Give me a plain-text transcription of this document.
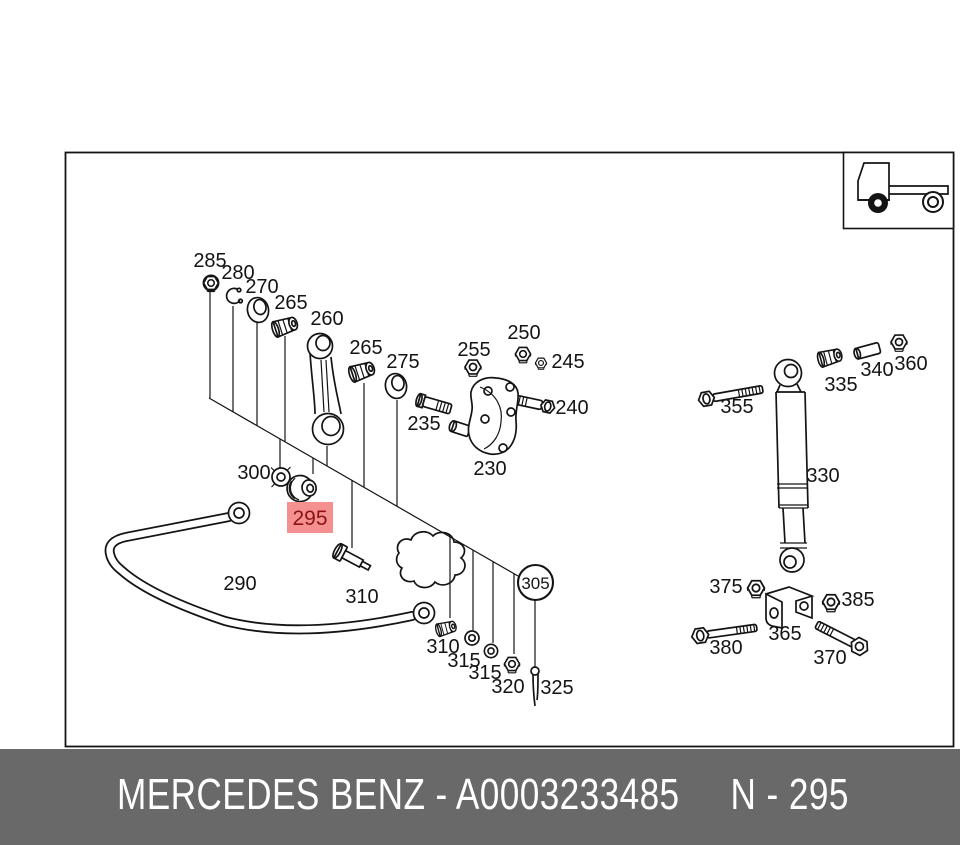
295
285
280
270
265
260
265
275
235
255
250
245
240
230
300
290
310
310
315
315
320 325
305
330
335
340 360
355
375
385
365
380	370
MERCEDES BENZ - A0003233485 N - 295
